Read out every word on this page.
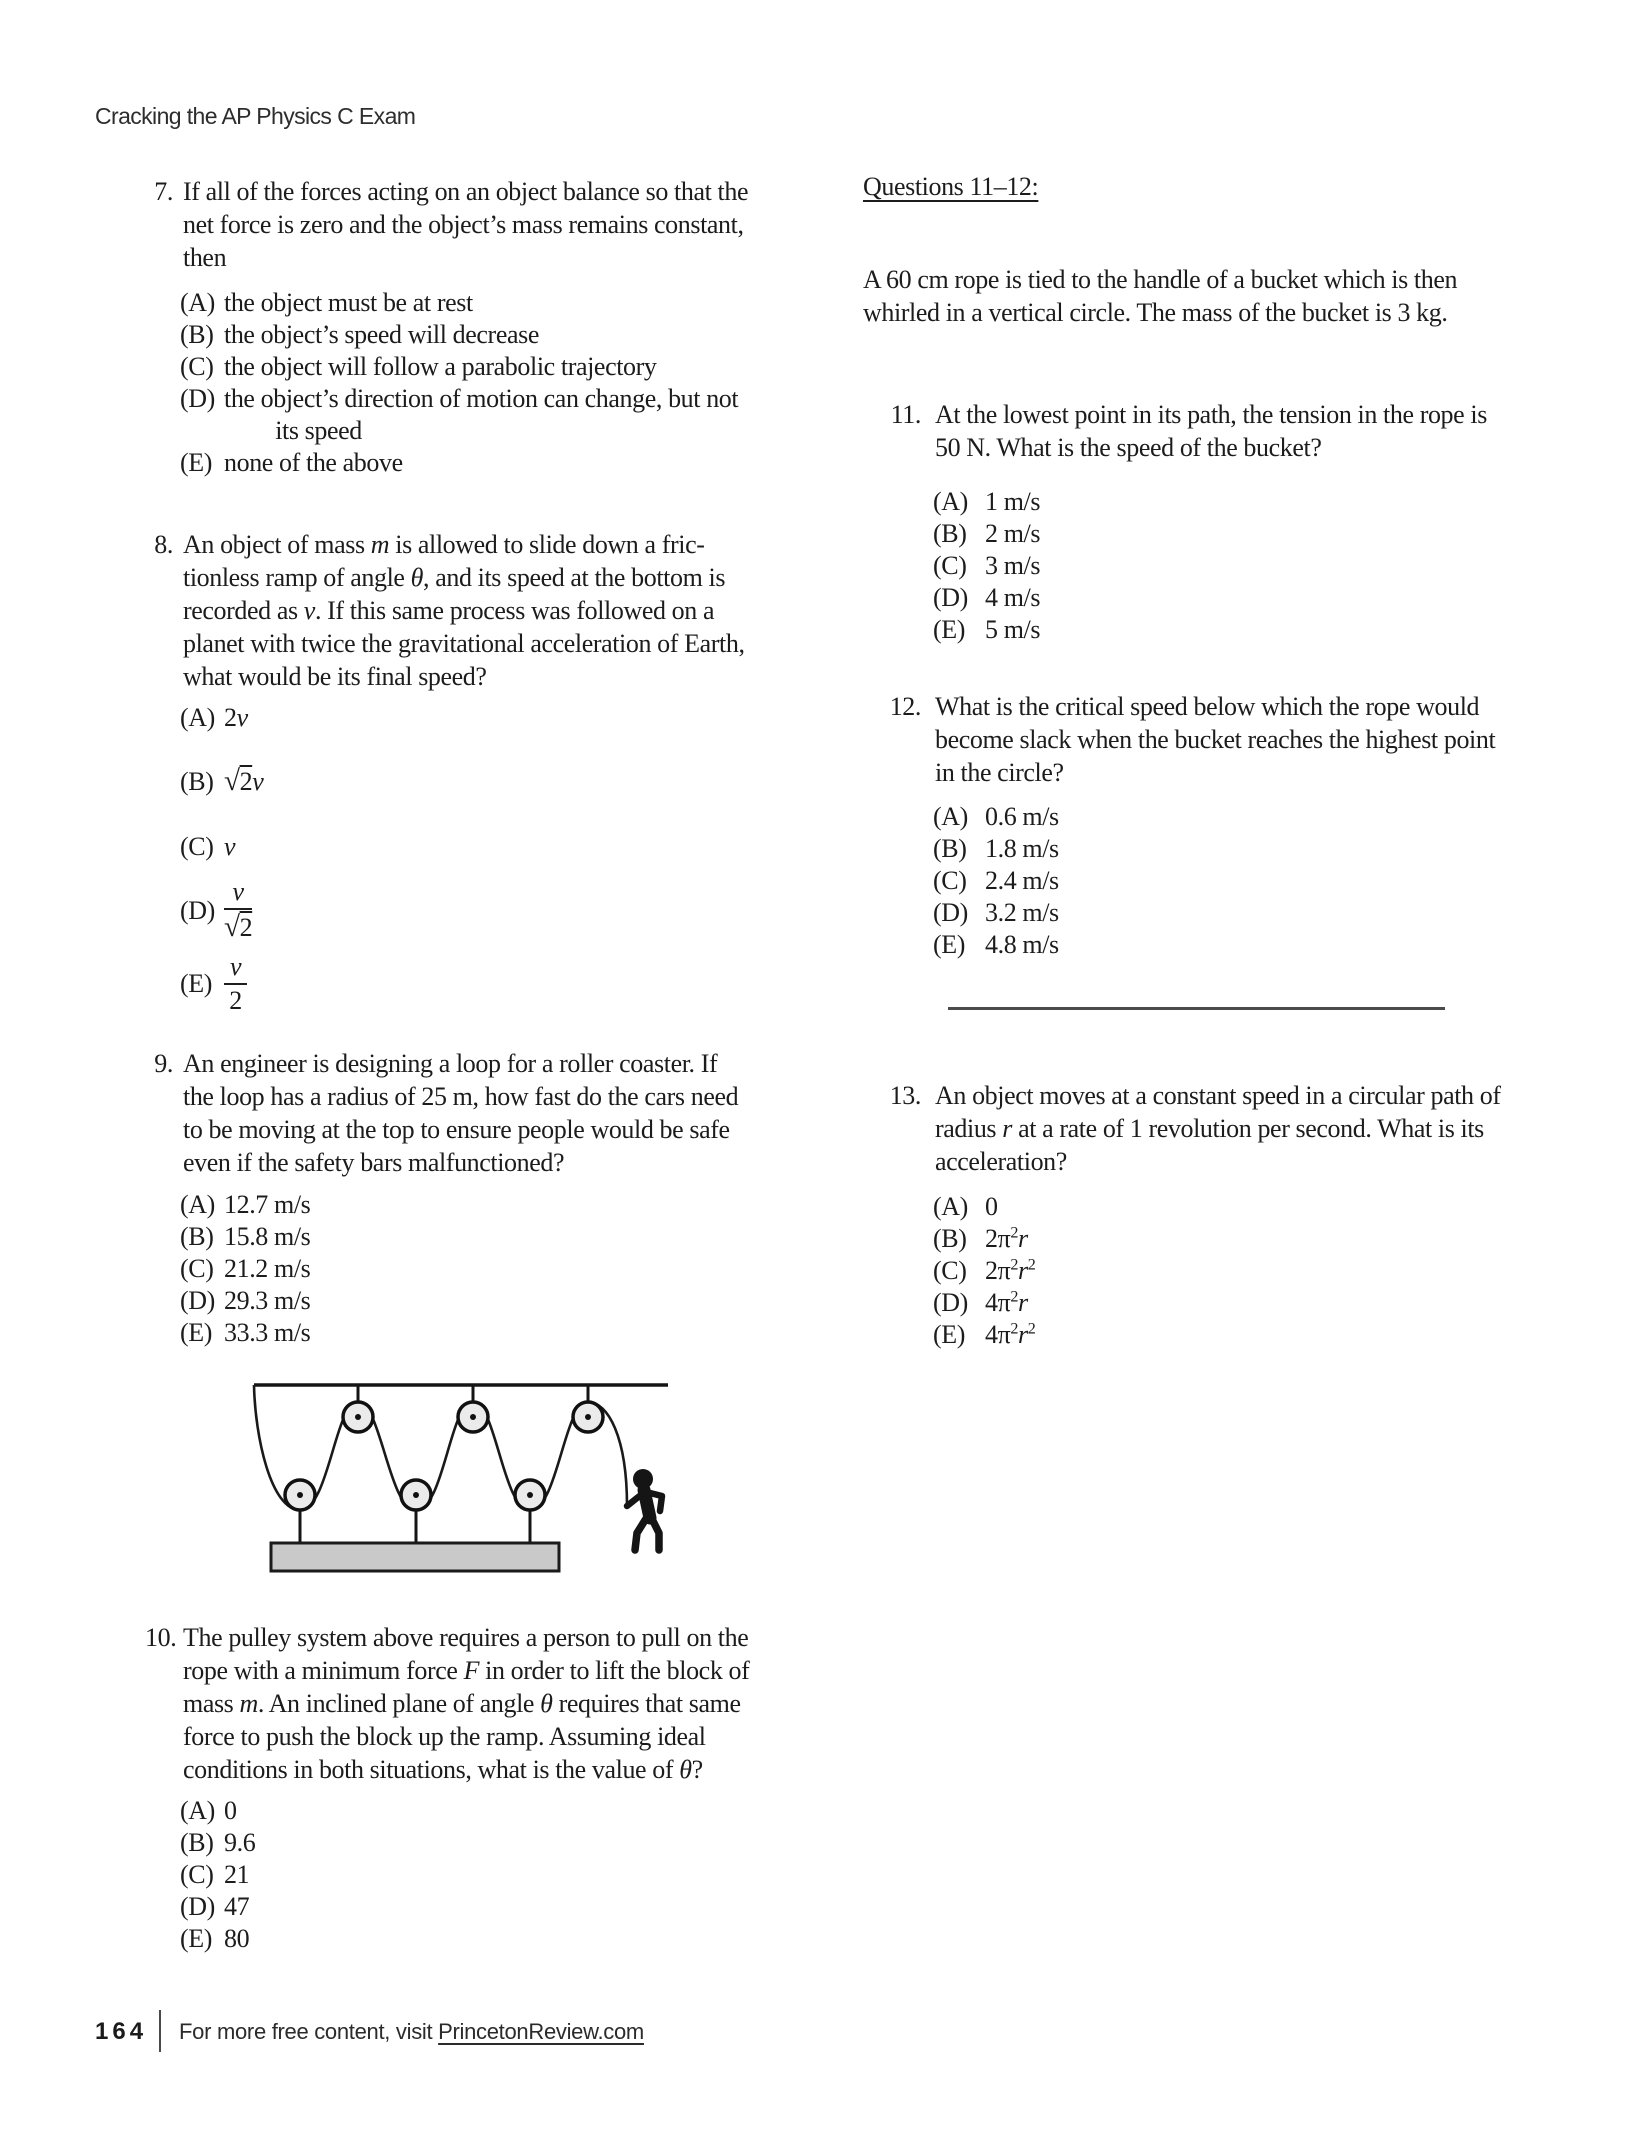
Cracking the AP Physics C Exam
7. If all of the forces acting on an object balance so that the
net force is zero and the object’s mass remains constant,
then
(A) the object must be at rest
(B) the object’s speed will decrease
(C) the object will follow a parabolic trajectory
(D) the object’s direction of motion can change, but not
  its speed
(E) none of the above
8. An object of mass m is allowed to slide down a fric-
tionless ramp of angle θ, and its speed at the bottom is
recorded as v. If this same process was followed on a
planet with twice the gravitational acceleration of Earth,
what would be its final speed?
(A) 2v
(B) √2v
(C) v
$(D) \frac{v}{√2}$
$(E) \frac{v}{2}$
9. An engineer is designing a loop for a roller coaster. If
the loop has a radius of 25 m, how fast do the cars need
to be moving at the top to ensure people would be safe
even if the safety bars malfunctioned?
(A) 12.7 m/s
(B) 15.8 m/s
(C) 21.2 m/s
(D) 29.3 m/s
(E) 33.3 m/s
10. The pulley system above requires a person to pull on the
rope with a minimum force F in order to lift the block of
mass m. An inclined plane of angle θ requires that same
force to push the block up the ramp. Assuming ideal
conditions in both situations, what is the value of θ?
(A) 0
(B) 9.6
(C) 21
(D) 47
(E) 80
Questions 11–12:

A 60 cm rope is tied to the handle of a bucket which is then
whirled in a vertical circle. The mass of the bucket is 3 kg.

11. At the lowest point in its path, the tension in the rope is
50 N. What is the speed of the bucket?
(A) 1 m/s
(B) 2 m/s
(C) 3 m/s
(D) 4 m/s
(E) 5 m/s
12. What is the critical speed below which the rope would
become slack when the bucket reaches the highest point
in the circle?
(A) 0.6 m/s
(B) 1.8 m/s
(C) 2.4 m/s
(D) 3.2 m/s
(E) 4.8 m/s
13. An object moves at a constant speed in a circular path of
radius r at a rate of 1 revolution per second. What is its
acceleration?
(A) 0
(B) $2\pi^2r$
(C) $2\pi^2r^2$
(D) $4\pi^2r$
(E) $4\pi^2r^2$
164 For more free content, visit PrincetonReview.com
